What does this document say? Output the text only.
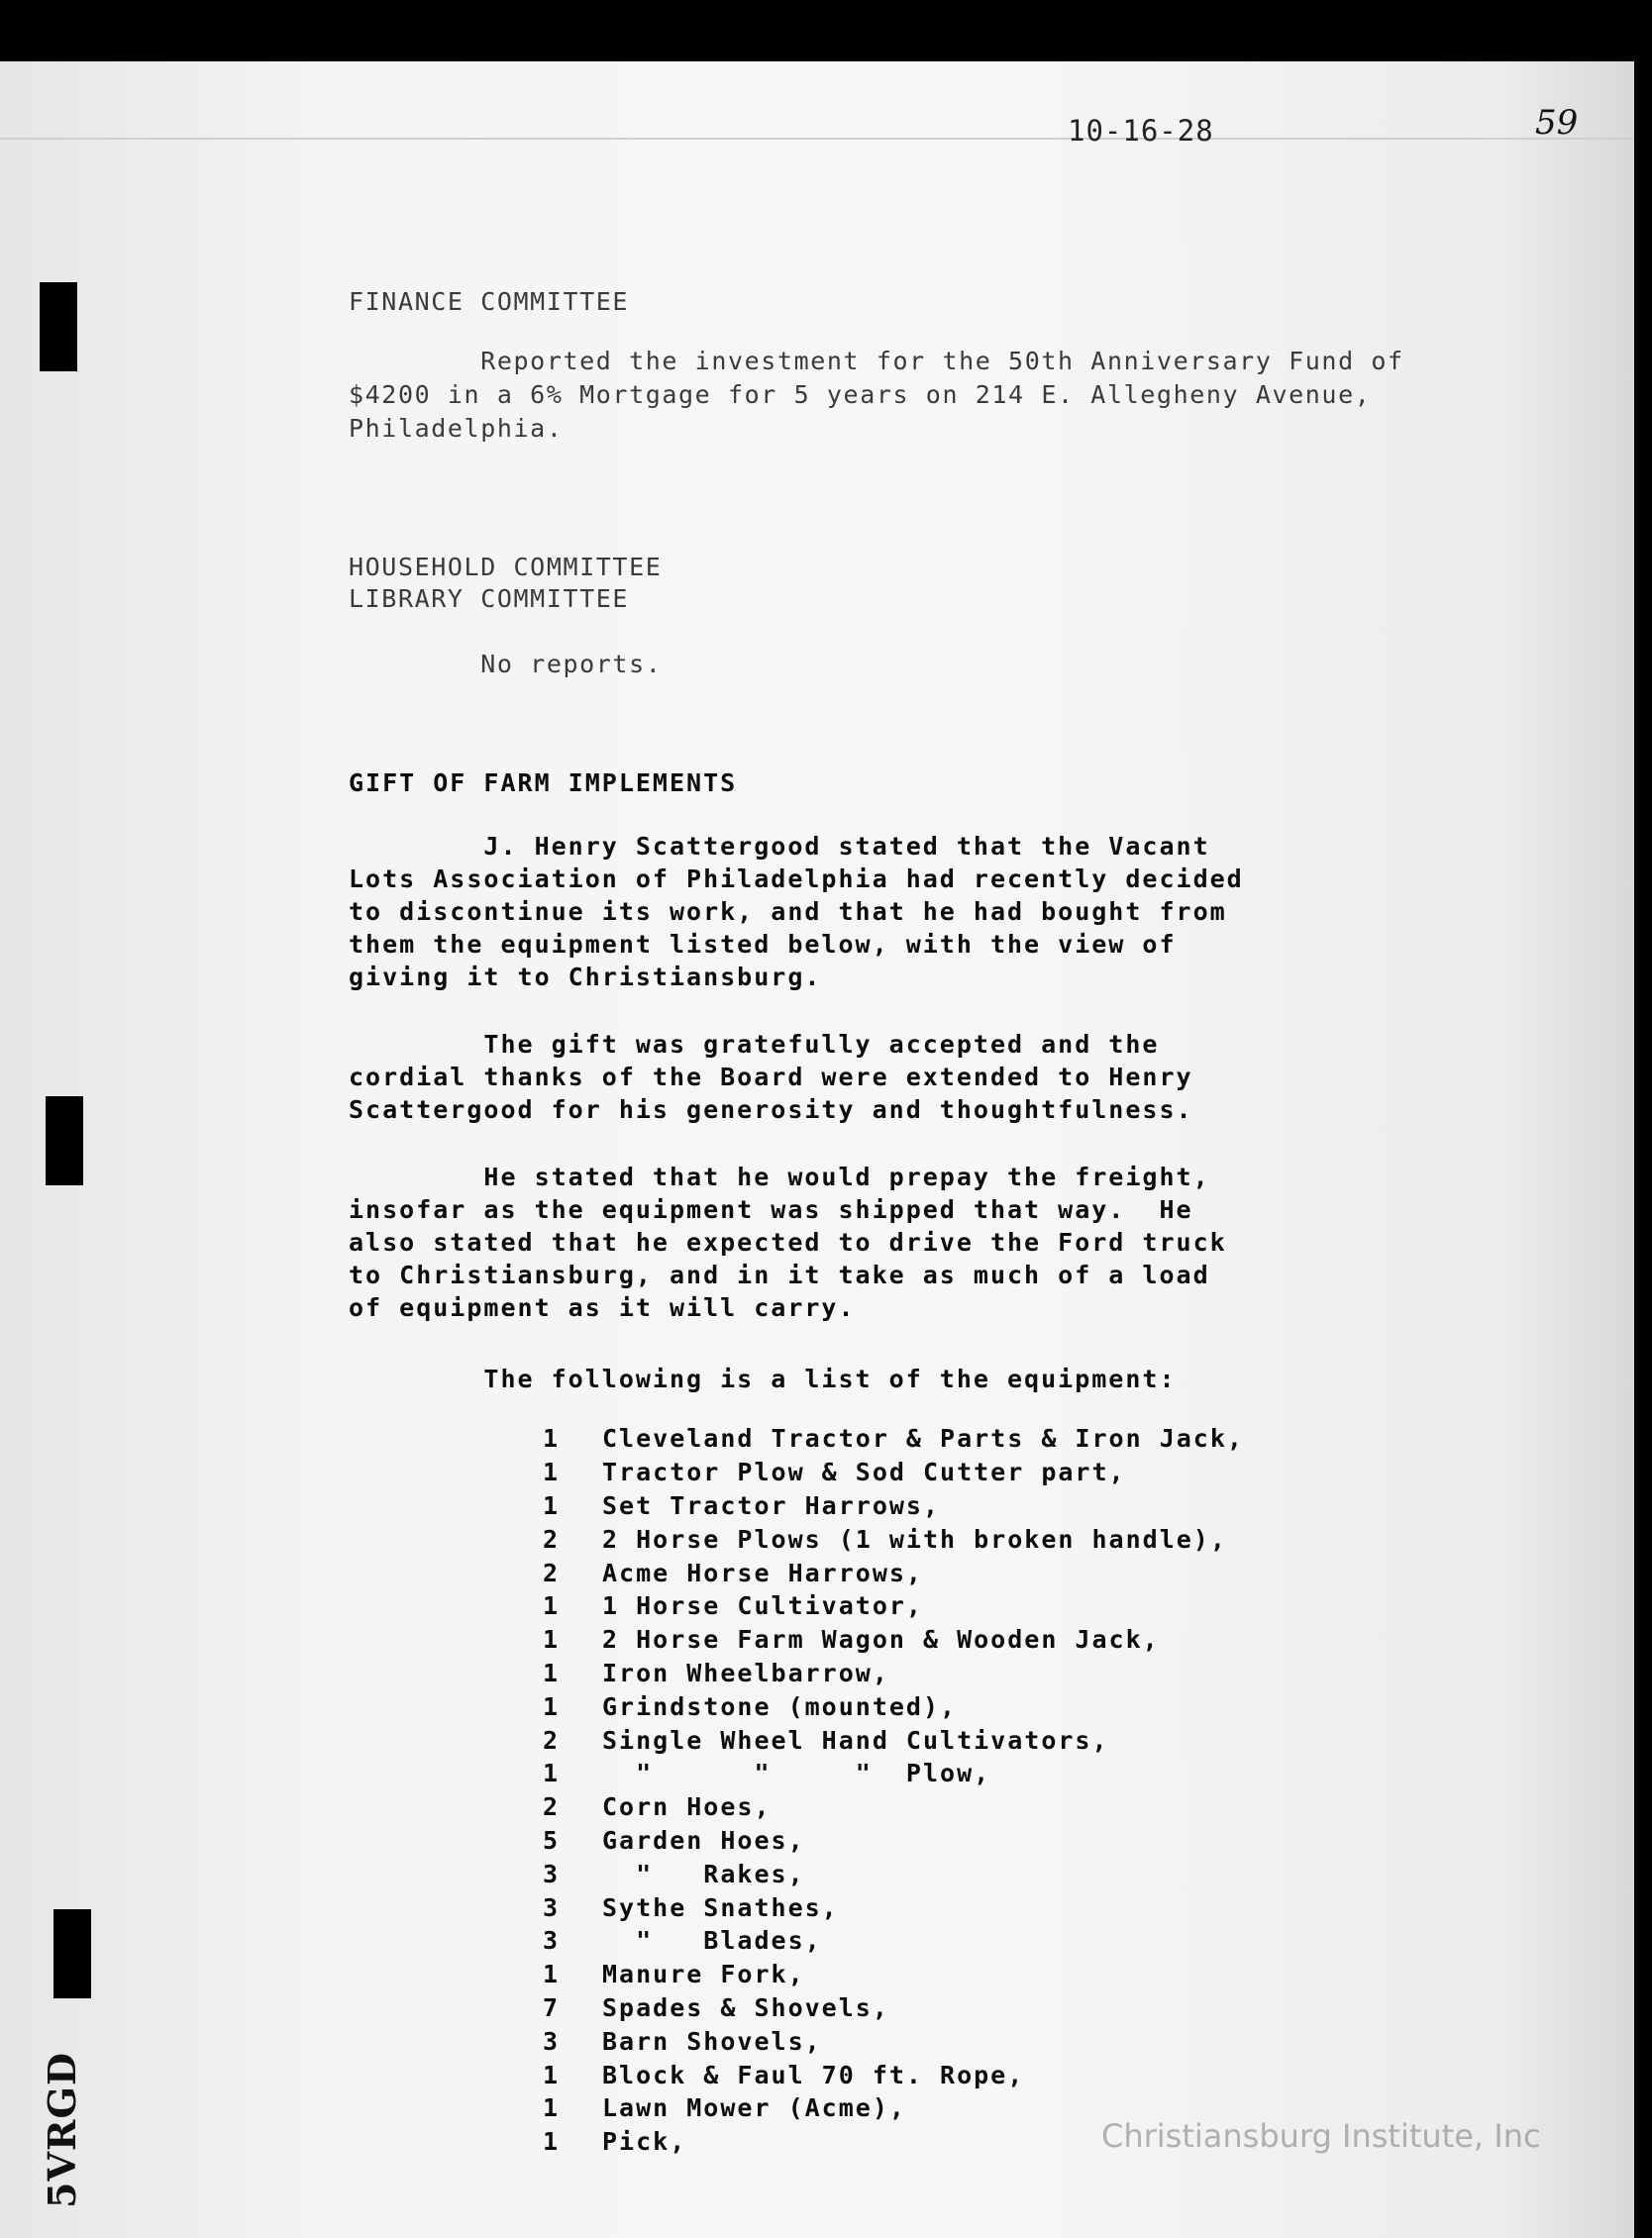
10-16-28	59

FINANCE COMMITTEE

Reported the investment for the 50th Anniversary Fund of
$4200 in a 6% Mortgage for 5 years on 214 E. Allegheny Avenue,
Philadelphia.

HOUSEHOLD COMMITTEE

LIBRARY COMMITTEE

No reports.

GIFT OF FARM IMPLEMENTS

J. Henry Scattergood stated that the Vacant
Lots Association of Philadelphia had recently decided
to discontinue its work, and that he had bought from
them the equipment listed below, with the view of
giving it to Christiansburg.

The gift was gratefully accepted and the
cordial thanks of the Board were extended to Henry
Scattergood for his generosity and thoughtfulness.

He stated that he would prepay the freight,
insofar as the equipment was shipped that way.  He
also stated that he expected to drive the Ford truck
to Christiansburg, and in it take as much of a load
of equipment as it will carry.

The following is a list of the equipment:

1	Cleveland Tractor & Parts & Iron Jack,
1	Tractor Plow & Sod Cutter part,
1	Set Tractor Harrows,
2	2 Horse Plows (1 with broken handle),
2	Acme Horse Harrows,
1	1 Horse Cultivator,
1	2 Horse Farm Wagon & Wooden Jack,
1	Iron Wheelbarrow,
1	Grindstone (mounted),
2	Single Wheel Hand Cultivators,
1	"      "     "  Plow,
2	Corn Hoes,
5	Garden Hoes,
3	"   Rakes,
3	Sythe Snathes,
3	"   Blades,
1	Manure Fork,
7	Spades & Shovels,
3	Barn Shovels,
1	Block & Faul 70 ft. Rope,
1	Lawn Mower (Acme),
1	Pick,
5VRGD	Christiansburg Institute, Inc
